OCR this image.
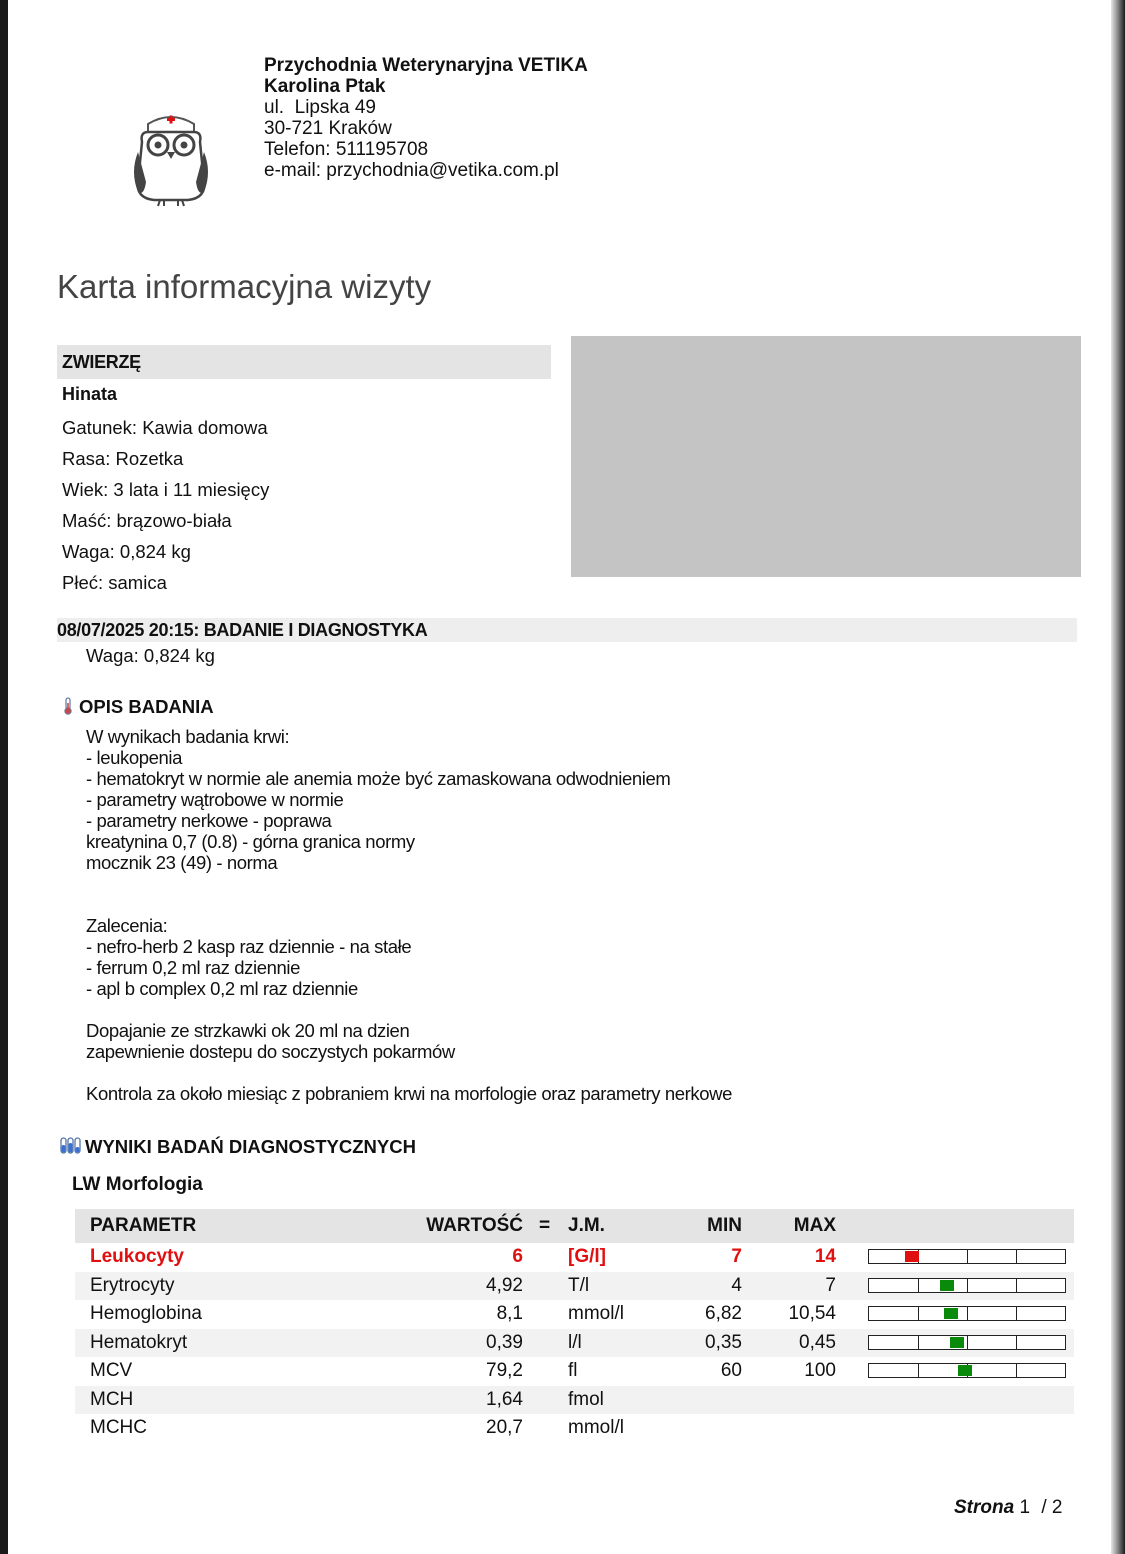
Przychodnia Weterynaryjna VETIKA
Karolina Ptak
ul.  Lipska 49
30-721 Kraków
Telefon: 511195708
e-mail: przychodnia@vetika.com.pl
Karta informacyjna wizyty
ZWIERZĘ
Hinata
Gatunek: Kawia domowa
Rasa: Rozetka
Wiek: 3 lata i 11 miesięcy
Maść: brązowo-biała
Waga: 0,824 kg
Płeć: samica
08/07/2025 20:15: BADANIE I DIAGNOSTYKA
Waga: 0,824 kg
OPIS BADANIA
W wynikach badania krwi:
- leukopenia
- hematokryt w normie ale anemia może być zamaskowana odwodnieniem
- parametry wątrobowe w normie
- parametry nerkowe - poprawa
kreatynina 0,7 (0.8) - górna granica normy
mocznik 23 (49) - norma
Zalecenia:
- nefro-herb 2 kasp raz dziennie - na stałe
- ferrum 0,2 ml raz dziennie
- apl b complex 0,2 ml raz dziennie
Dopajanie ze strzkawki ok 20 ml na dzien
zapewnienie dostepu do soczystych pokarmów
Kontrola za około miesiąc z pobraniem krwi na morfologie oraz parametry nerkowe
WYNIKI BADAŃ DIAGNOSTYCZNYCH
LW Morfologia
PARAMETR	WARTOŚĆ = J.M.	MIN	MAX
Leukocyty	6 [G/l]	7	14
Erytrocyty	4,92 T/l	4	7
Hemoglobina	8,1 mmol/l	6,82 10,54
Hematokryt	0,39 l/l	0,35	0,45
MCV	79,2 fl	60	100
MCH	1,64 fmol
MCHC	20,7 mmol/l
Strona 1 / 2
